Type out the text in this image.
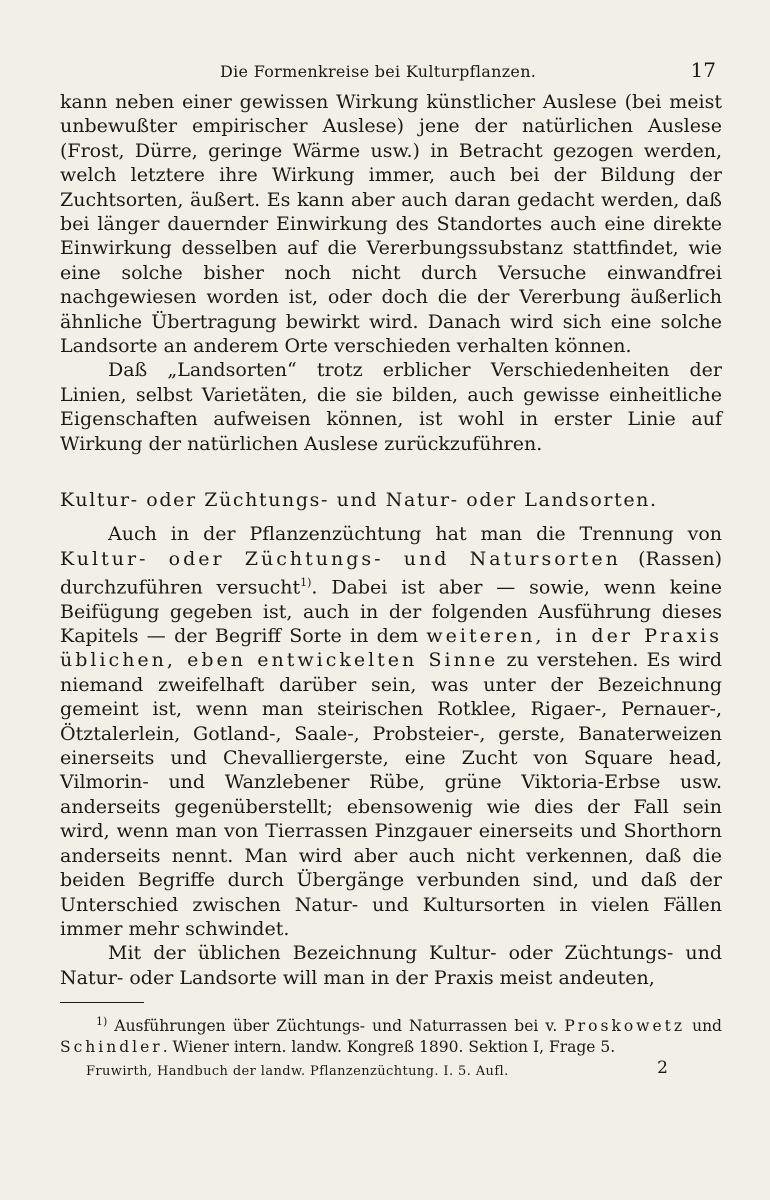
Die Formenkreise bei Kulturpflanzen.	17

kann neben einer gewissen Wirkung künstlicher Auslese (bei meist unbewußter empirischer Auslese) jene der natürlichen Auslese (Frost, Dürre, geringe Wärme usw.) in Betracht gezogen werden, welch letztere ihre Wirkung immer, auch bei der Bildung der Zuchtsorten, äußert. Es kann aber auch daran gedacht werden, daß bei länger dauernder Einwirkung des Standortes auch eine direkte Einwirkung desselben auf die Vererbungssubstanz stattfindet, wie eine solche bisher noch nicht durch Versuche einwandfrei nachgewiesen worden ist, oder doch die der Vererbung äußerlich ähnliche Übertragung bewirkt wird. Danach wird sich eine solche Landsorte an anderem Orte verschieden verhalten können.

Daß „Landsorten“ trotz erblicher Verschiedenheiten der Linien, selbst Varietäten, die sie bilden, auch gewisse einheitliche Eigenschaften aufweisen können, ist wohl in erster Linie auf Wirkung der natürlichen Auslese zurückzuführen.

Kultur- oder Züchtungs- und Natur- oder Landsorten.

Auch in der Pflanzenzüchtung hat man die Trennung von Kultur- oder Züchtungs- und Natursorten (Rassen) durchzuführen versucht$^{1)}$. Dabei ist aber — sowie, wenn keine Beifügung gegeben ist, auch in der folgenden Ausführung dieses Kapitels — der Begriff Sorte in dem weiteren, in der Praxis üblichen, eben entwickelten Sinne zu verstehen. Es wird niemand zweifelhaft darüber sein, was unter der Bezeichnung gemeint ist, wenn man steirischen Rotklee, Rigaer-, Pernauer-, Ötztalerlein, Gotland-, Saale-, Probsteier-, gerste, Banaterweizen einerseits und Chevalliergerste, eine Zucht von Square head, Vilmorin- und Wanzlebener Rübe, grüne Viktoria-Erbse usw. anderseits gegenüberstellt; ebensowenig wie dies der Fall sein wird, wenn man von Tierrassen Pinzgauer einerseits und Shorthorn anderseits nennt. Man wird aber auch nicht verkennen, daß die beiden Begriffe durch Übergänge verbunden sind, und daß der Unterschied zwischen Natur- und Kultursorten in vielen Fällen immer mehr schwindet.

Mit der üblichen Bezeichnung Kultur- oder Züchtungs- und Natur- oder Landsorte will man in der Praxis meist andeuten,

$^{1)}$ Ausführungen über Züchtungs- und Naturrassen bei v. Proskowetz und Schindler. Wiener intern. landw. Kongreß 1890. Sektion I, Frage 5.

Fruwirth, Handbuch der landw. Pflanzenzüchtung. I. 5. Aufl.	2
